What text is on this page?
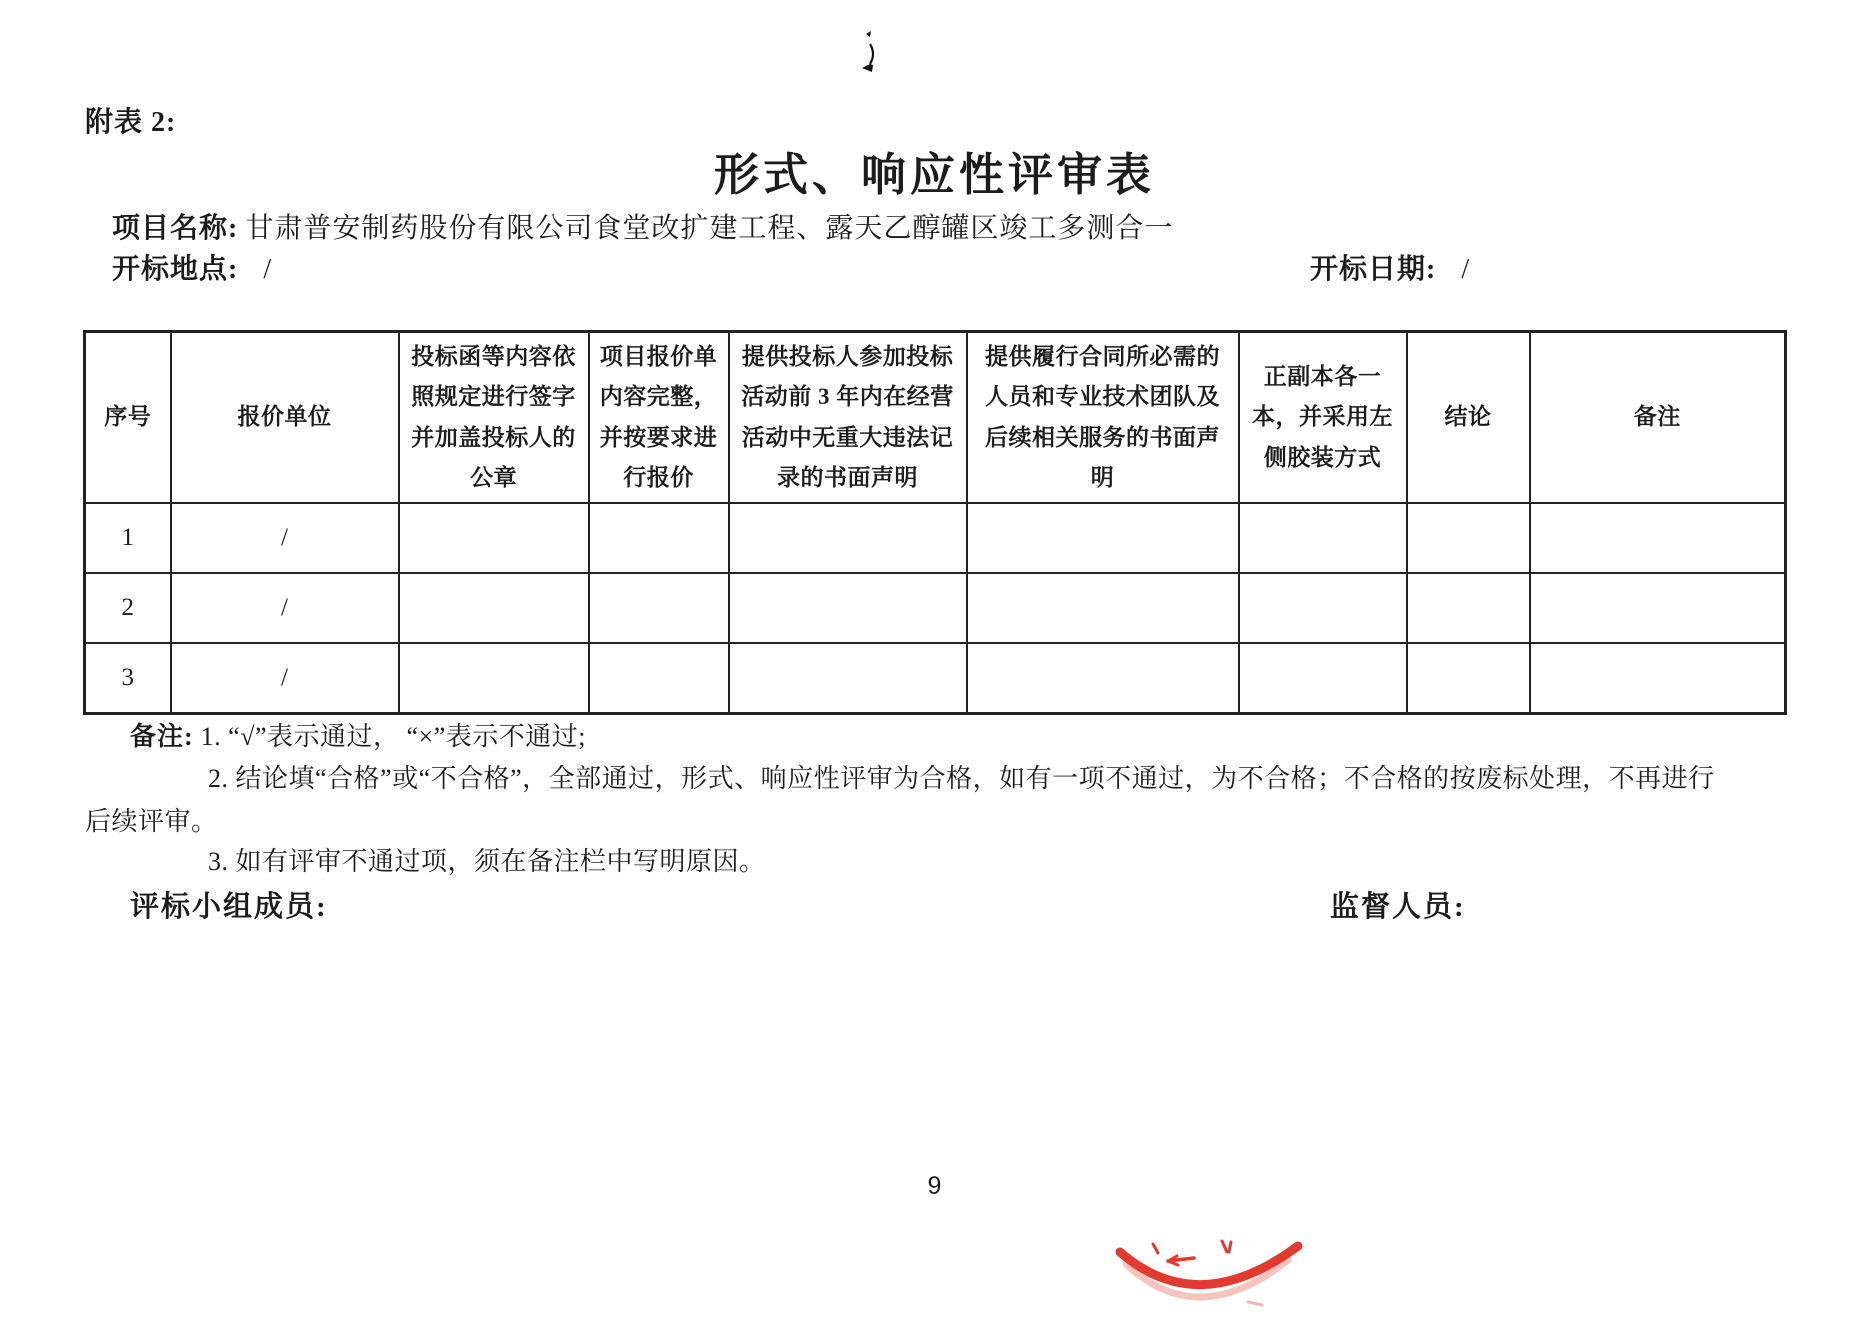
附表 2:
形式、响应性评审表
项目名称: 甘肃普安制药股份有限公司食堂改扩建工程、露天乙醇罐区竣工多测合一
开标地点: /	开标日期: /
序号	报价单位	投标函等内容依照规定进行签字并加盖投标人的公章	项目报价单内容完整，并按要求进行报价	提供投标人参加投标活动前 3 年内在经营活动中无重大违法记录的书面声明	提供履行合同所必需的人员和专业技术团队及后续相关服务的书面声明	正副本各一本，并采用左侧胶装方式	结论	备注
1	/							
2	/							
3	/							
备注: 1. “√”表示通过， “×”表示不通过;
2. 结论填“合格”或“不合格”，全部通过，形式、响应性评审为合格，如有一项不通过，为不合格；不合格的按废标处理，不再进行
后续评审。
3. 如有评审不通过项，须在备注栏中写明原因。
评标小组成员:	监督人员:
9
